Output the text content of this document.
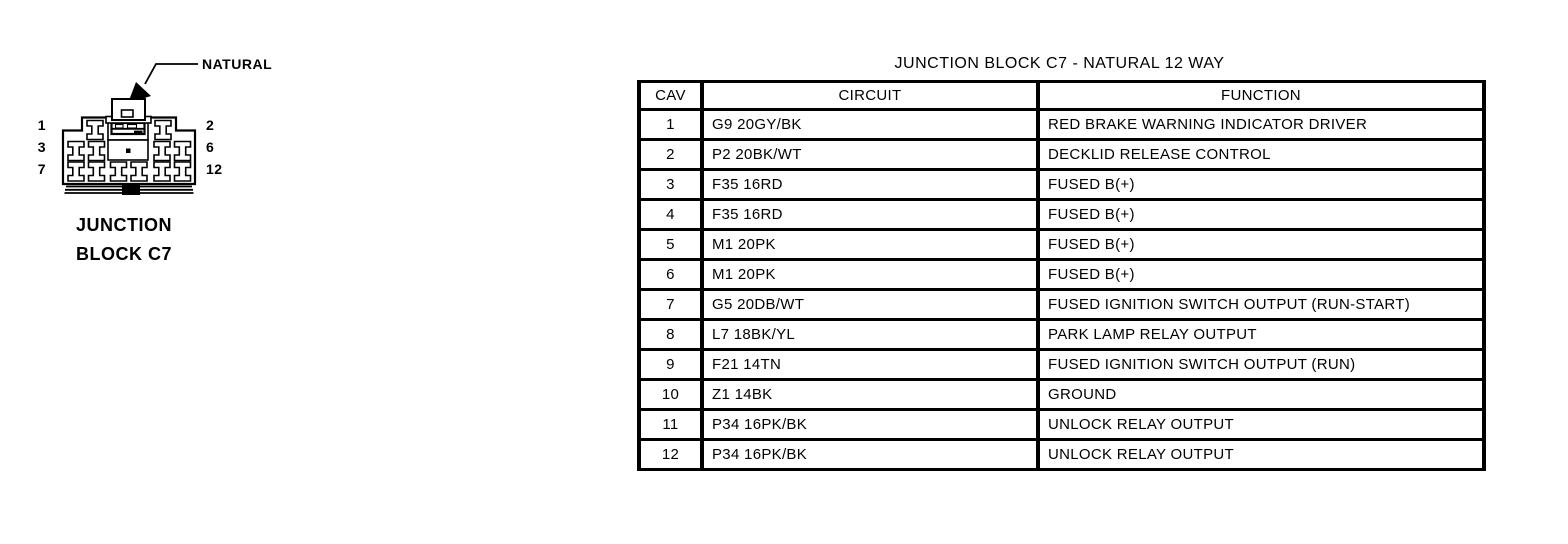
NATURAL
1
3
7
2
6
12
JUNCTION
BLOCK C7
JUNCTION BLOCK C7 - NATURAL 12 WAY
CAV	CIRCUIT	FUNCTION
1	G9 20GY/BK	RED BRAKE WARNING INDICATOR DRIVER
2	P2 20BK/WT	DECKLID RELEASE CONTROL
3	F35 16RD	FUSED B(+)
4	F35 16RD	FUSED B(+)
5	M1 20PK	FUSED B(+)
6	M1 20PK	FUSED B(+)
7	G5 20DB/WT	FUSED IGNITION SWITCH OUTPUT (RUN-START)
8	L7 18BK/YL	PARK LAMP RELAY OUTPUT
9	F21 14TN	FUSED IGNITION SWITCH OUTPUT (RUN)
10	Z1 14BK	GROUND
11	P34 16PK/BK	UNLOCK RELAY OUTPUT
12	P34 16PK/BK	UNLOCK RELAY OUTPUT
